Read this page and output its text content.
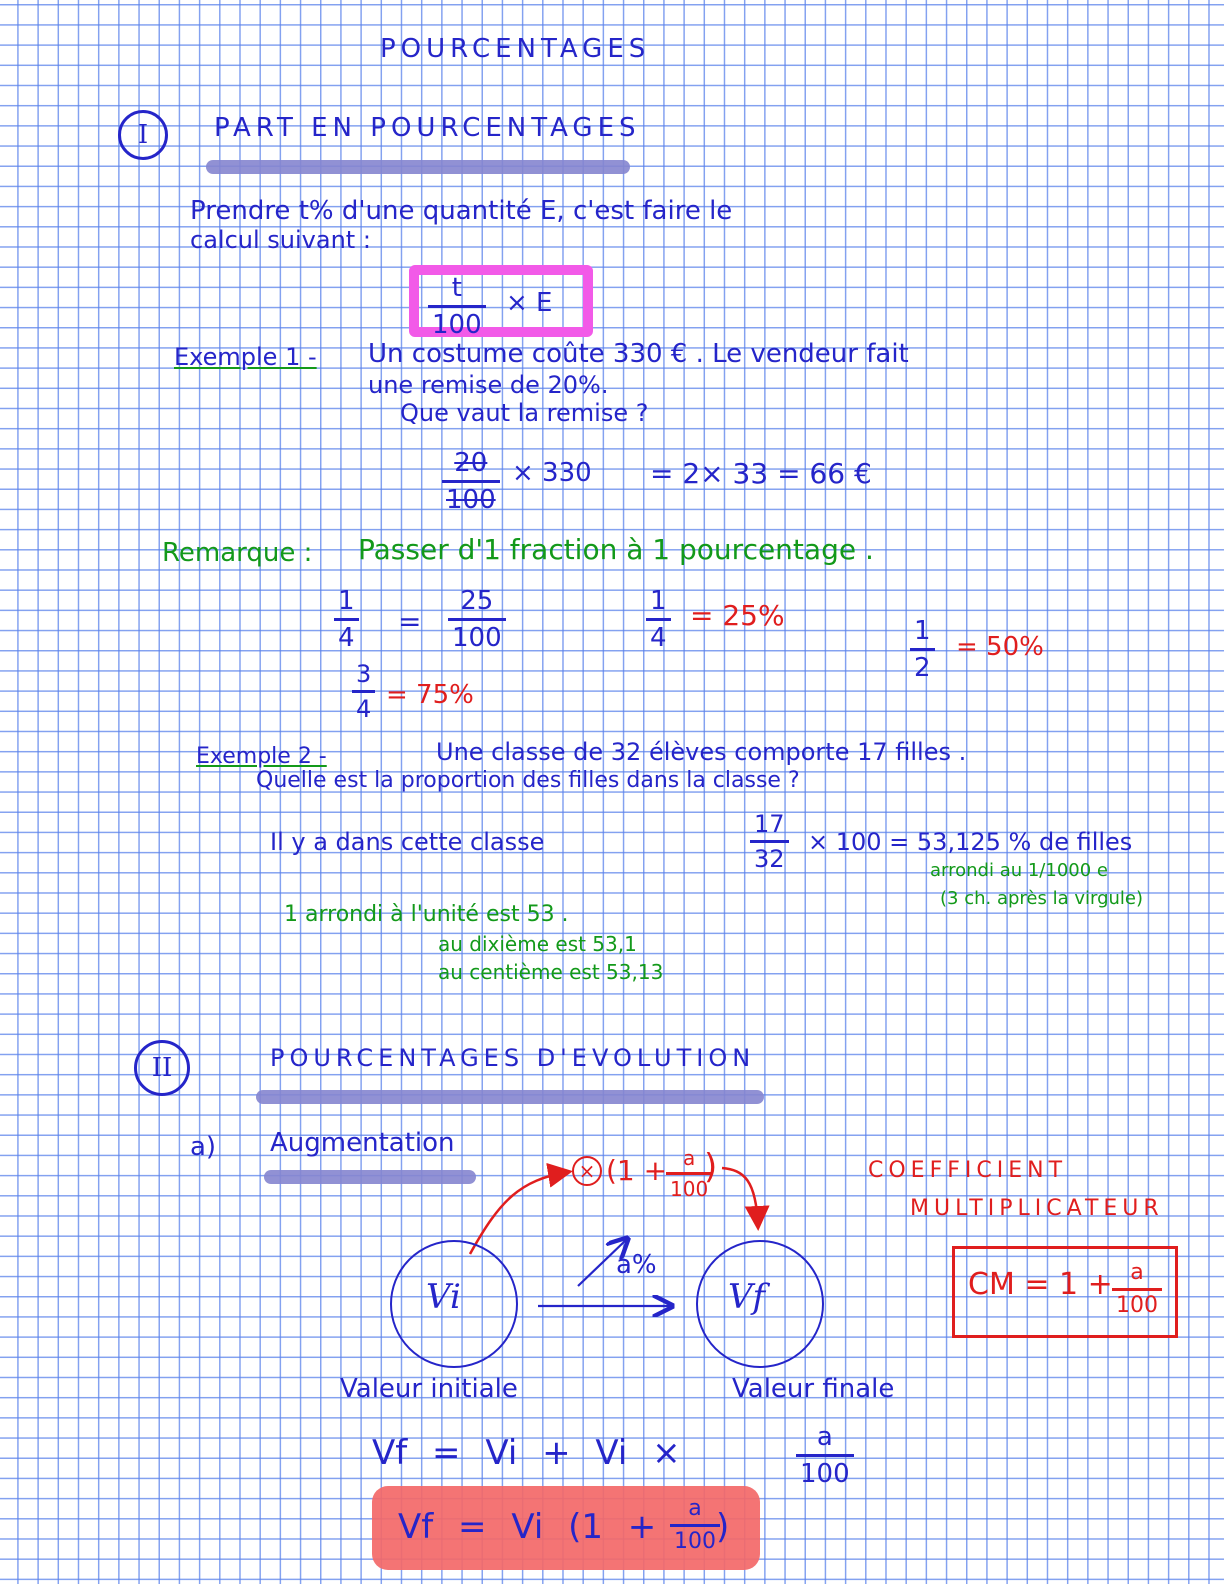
POURCENTAGES
I	PART EN POURCENTAGES
Prendre t% d'une quantité E, c'est faire le
calcul suivant :
$\frac{t}{100} \times E$
Exemple 1 - Un costume coûte 330 € . Le vendeur fait
une remise de 20%.
Que vaut la remise ?
$\frac{20}{100} \times 330 = 2\times 33 = 66$ €
Remarque : Passer d'1 fraction à 1 pourcentage .
$\frac{1}{4} = \frac{25}{100}$	$\frac{1}{4} = 25\%$
$\frac{1}{2} = 50\%$
$\frac{3}{4} = 75\%$
Exemple 2 -	Une classe de 32 élèves comporte 17 filles .
Quelle est la proportion des filles dans la classe ?
Il y a dans cette classe	$\frac{17}{32} \times 100 = 53,125$ % de filles
arrondi au 1/1000 e
(3 ch. après la virgule)
1 arrondi à l'unité est 53 .
au dixième est 53,1
au centième est 53,13
II	POURCENTAGES D'EVOLUTION
a) Augmentation
× (1 +
$\frac{a}{100}$
)
Vi	Vf
a%
Valeur initiale	Valeur finale
COEFFICIENT
MULTIPLICATEUR
CM = $1 + \frac{a}{100}$
Vf = Vi + Vi ×	$\frac{a}{100}$
Vf = Vi ($1 + \frac{a}{100}$
)
